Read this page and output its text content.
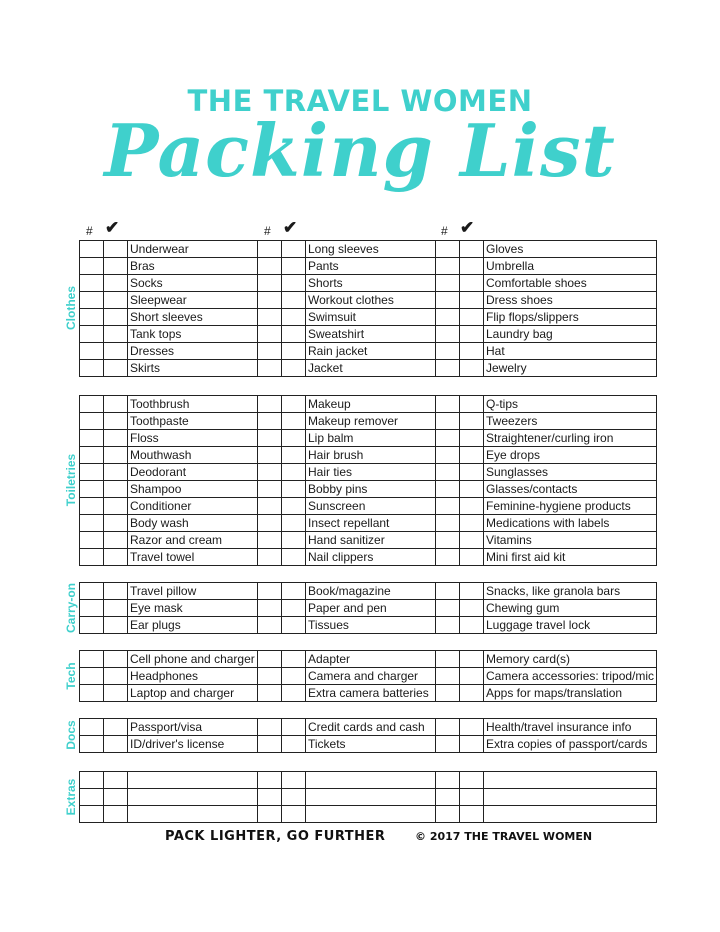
THE TRAVEL WOMEN
Packing List
# ✔	# ✔	# ✔
		Underwear			Long sleeves			Gloves
		Bras			Pants			Umbrella
		Socks			Shorts			Comfortable shoes
		Sleepwear			Workout clothes			Dress shoes
		Short sleeves			Swimsuit			Flip flops/slippers
		Tank tops			Sweatshirt			Laundry bag
		Dresses			Rain jacket			Hat
		Skirts			Jacket			Jewelry
Clothes
		Toothbrush			Makeup			Q-tips
		Toothpaste			Makeup remover			Tweezers
		Floss			Lip balm			Straightener/curling iron
		Mouthwash			Hair brush			Eye drops
		Deodorant			Hair ties			Sunglasses
		Shampoo			Bobby pins			Glasses/contacts
		Conditioner			Sunscreen			Feminine-hygiene products
		Body wash			Insect repellant			Medications with labels
		Razor and cream			Hand sanitizer			Vitamins
		Travel towel			Nail clippers			Mini first aid kit
Toiletries
		Travel pillow			Book/magazine			Snacks, like granola bars
		Eye mask			Paper and pen			Chewing gum
		Ear plugs			Tissues			Luggage travel lock
Carry-on
		Cell phone and charger			Adapter			Memory card(s)
		Headphones			Camera and charger			Camera accessories: tripod/mic
		Laptop and charger			Extra camera batteries			Apps for maps/translation
Tech
		Passport/visa			Credit cards and cash			Health/travel insurance info
		ID/driver's license			Tickets			Extra copies of passport/cards
Docs

Extras
PACK LIGHTER, GO FURTHER	© 2017 THE TRAVEL WOMEN
